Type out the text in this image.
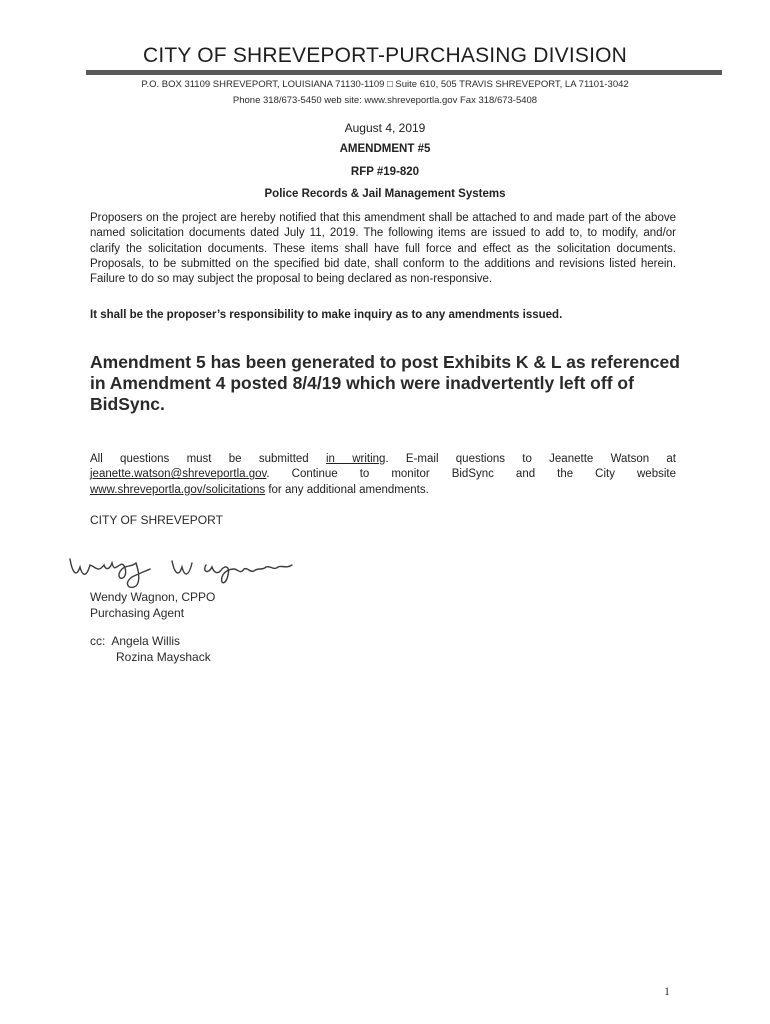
CITY OF SHREVEPORT-PURCHASING DIVISION
P.O. BOX 31109 SHREVEPORT, LOUISIANA 71130-1109 □ Suite 610, 505 TRAVIS SHREVEPORT, LA 71101-3042
Phone 318/673-5450 web site: www.shreveportla.gov Fax 318/673-5408
August 4, 2019
AMENDMENT #5
RFP #19-820
Police Records & Jail Management Systems
Proposers on the project are hereby notified that this amendment shall be attached to and made part of the above named solicitation documents dated July 11, 2019. The following items are issued to add to, to modify, and/or clarify the solicitation documents. These items shall have full force and effect as the solicitation documents. Proposals, to be submitted on the specified bid date, shall conform to the additions and revisions listed herein. Failure to do so may subject the proposal to being declared as non-responsive.
It shall be the proposer’s responsibility to make inquiry as to any amendments issued.
Amendment 5 has been generated to post Exhibits K & L as referenced in Amendment 4 posted 8/4/19 which were inadvertently left off of BidSync.
All questions must be submitted in writing. E-mail questions to Jeanette Watson at jeanette.watson@shreveportla.gov. Continue to monitor BidSync and the City website www.shreveportla.gov/solicitations for any additional amendments.
CITY OF SHREVEPORT
Wendy Wagnon, CPPO
Purchasing Agent
cc: Angela Willis
Rozina Mayshack
1
